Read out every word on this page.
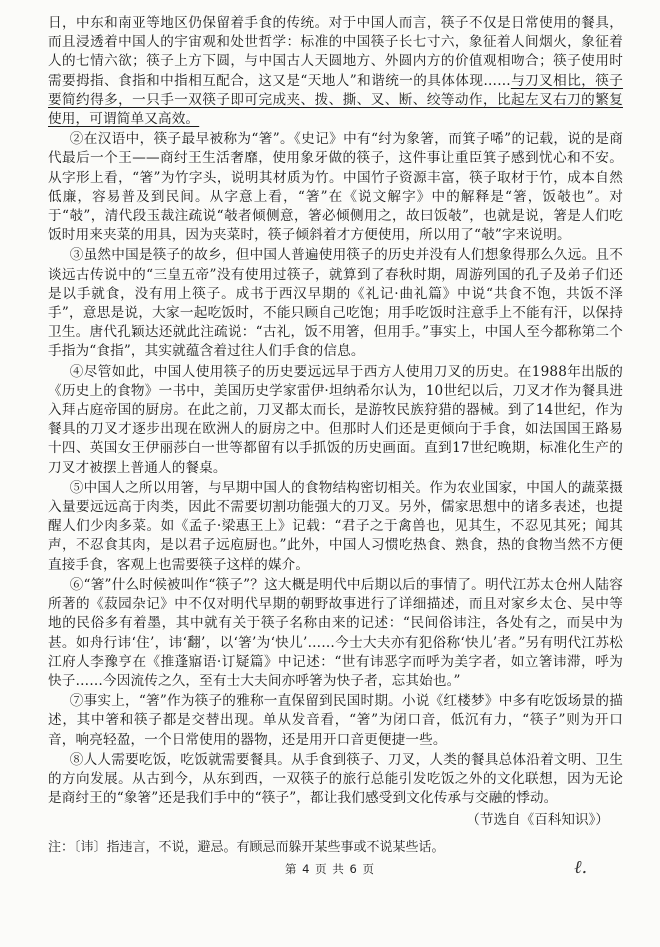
日，中东和南亚等地区仍保留着手食的传统。对于中国人而言，筷子不仅是日常使用的餐具，而且浸透着中国人的宇宙观和处世哲学：标准的中国筷子长七寸六，象征着人间烟火，象征着人的七情六欲；筷子上方下圆，与中国古人天圆地方、外圆内方的价值观相吻合；筷子使用时需要拇指、食指和中指相互配合，这又是“天地人”和谐统一的具体体现……与刀叉相比，筷子要简约得多，一只手一双筷子即可完成夹、拨、撕、叉、断、绞等动作，比起左叉右刀的繁复使用，可谓简单又高效。

②在汉语中，筷子最早被称为“箸”。《史记》中有“纣为象箸，而箕子唏”的记载，说的是商代最后一个王——商纣王生活奢靡，使用象牙做的筷子，这件事让重臣箕子感到忧心和不安。从字形上看，“箸”为竹字头，说明其材质为竹。中国竹子资源丰富，筷子取材于竹，成本自然低廉，容易普及到民间。从字意上看，“箸”在《说文解字》中的解释是“箸，饭攲也”。对于“攲”，清代段玉裁注疏说“攲者倾侧意，箸必倾侧用之，故曰饭攲”，也就是说，箸是人们吃饭时用来夹菜的用具，因为夹菜时，筷子倾斜着才方便使用，所以用了“攲”字来说明。

③虽然中国是筷子的故乡，但中国人普遍使用筷子的历史并没有人们想象得那么久远。且不谈远古传说中的“三皇五帝”没有使用过筷子，就算到了春秋时期，周游列国的孔子及弟子们还是以手就食，没有用上筷子。成书于西汉早期的《礼记·曲礼篇》中说“共食不饱，共饭不泽手”，意思是说，大家一起吃饭时，不能只顾自己吃饱；用手吃饭时注意手上不能有汗，以保持卫生。唐代孔颖达还就此注疏说：“古礼，饭不用箸，但用手。”事实上，中国人至今都称第二个手指为“食指”，其实就蕴含着过往人们手食的信息。

④尽管如此，中国人使用筷子的历史要远远早于西方人使用刀叉的历史。在1988年出版的《历史上的食物》一书中，美国历史学家雷伊·坦纳希尔认为，10世纪以后，刀叉才作为餐具进入拜占庭帝国的厨房。在此之前，刀叉都太而长，是游牧民族狩猎的器械。到了14世纪，作为餐具的刀叉才逐步出现在欧洲人的厨房之中。但那时人们还是更倾向于手食，如法国国王路易十四、英国女王伊丽莎白一世等都留有以手抓饭的历史画面。直到17世纪晚期，标准化生产的刀叉才被摆上普通人的餐桌。

⑤中国人之所以用箸，与早期中国人的食物结构密切相关。作为农业国家，中国人的蔬菜摄入量要远远高于肉类，因此不需要切割功能强大的刀叉。另外，儒家思想中的诸多表述，也提醒人们少肉多菜。如《孟子·梁惠王上》记载：“君子之于禽兽也，见其生，不忍见其死；闻其声，不忍食其肉，是以君子远庖厨也。”此外，中国人习惯吃热食、熟食，热的食物当然不方便直接手食，客观上也需要筷子这样的媒介。

⑥“箸”什么时候被叫作“筷子”？这大概是明代中后期以后的事情了。明代江苏太仓州人陆容所著的《菽园杂记》中不仅对明代早期的朝野故事进行了详细描述，而且对家乡太仓、吴中等地的民俗多有着墨，其中就有关于筷子名称由来的记述：“民间俗讳注，各处有之，而吴中为甚。如舟行讳‘住’，讳‘翻’，以‘箸’为‘快儿’……今士大夫亦有犯俗称‘快儿’者。”另有明代江苏松江府人李豫亨在《推蓬寤语·订疑篇》中记述：“世有讳恶字而呼为美字者，如立箸讳滞，呼为快子……今因流传之久，至有士大夫间亦呼箸为快子者，忘其始也。”

⑦事实上，“箸”作为筷子的雅称一直保留到民国时期。小说《红楼梦》中多有吃饭场景的描述，其中箸和筷子都是交替出现。单从发音看，“箸”为闭口音，低沉有力，“筷子”则为开口音，响亮轻盈，一个日常使用的器物，还是用开口音更便捷一些。

⑧人人需要吃饭，吃饭就需要餐具。从手食到筷子、刀叉，人类的餐具总体沿着文明、卫生的方向发展。从古到今，从东到西，一双筷子的旅行总能引发吃饭之外的文化联想，因为无论是商纣王的“象箸”还是我们手中的“筷子”，都让我们感受到文化传承与交融的悸动。

（节选自《百科知识》）
注：〔讳〕指违言，不说，避忌。有顾忌而躲开某些事或不说某些话。
第 4 页 共 6 页	ℓ.
